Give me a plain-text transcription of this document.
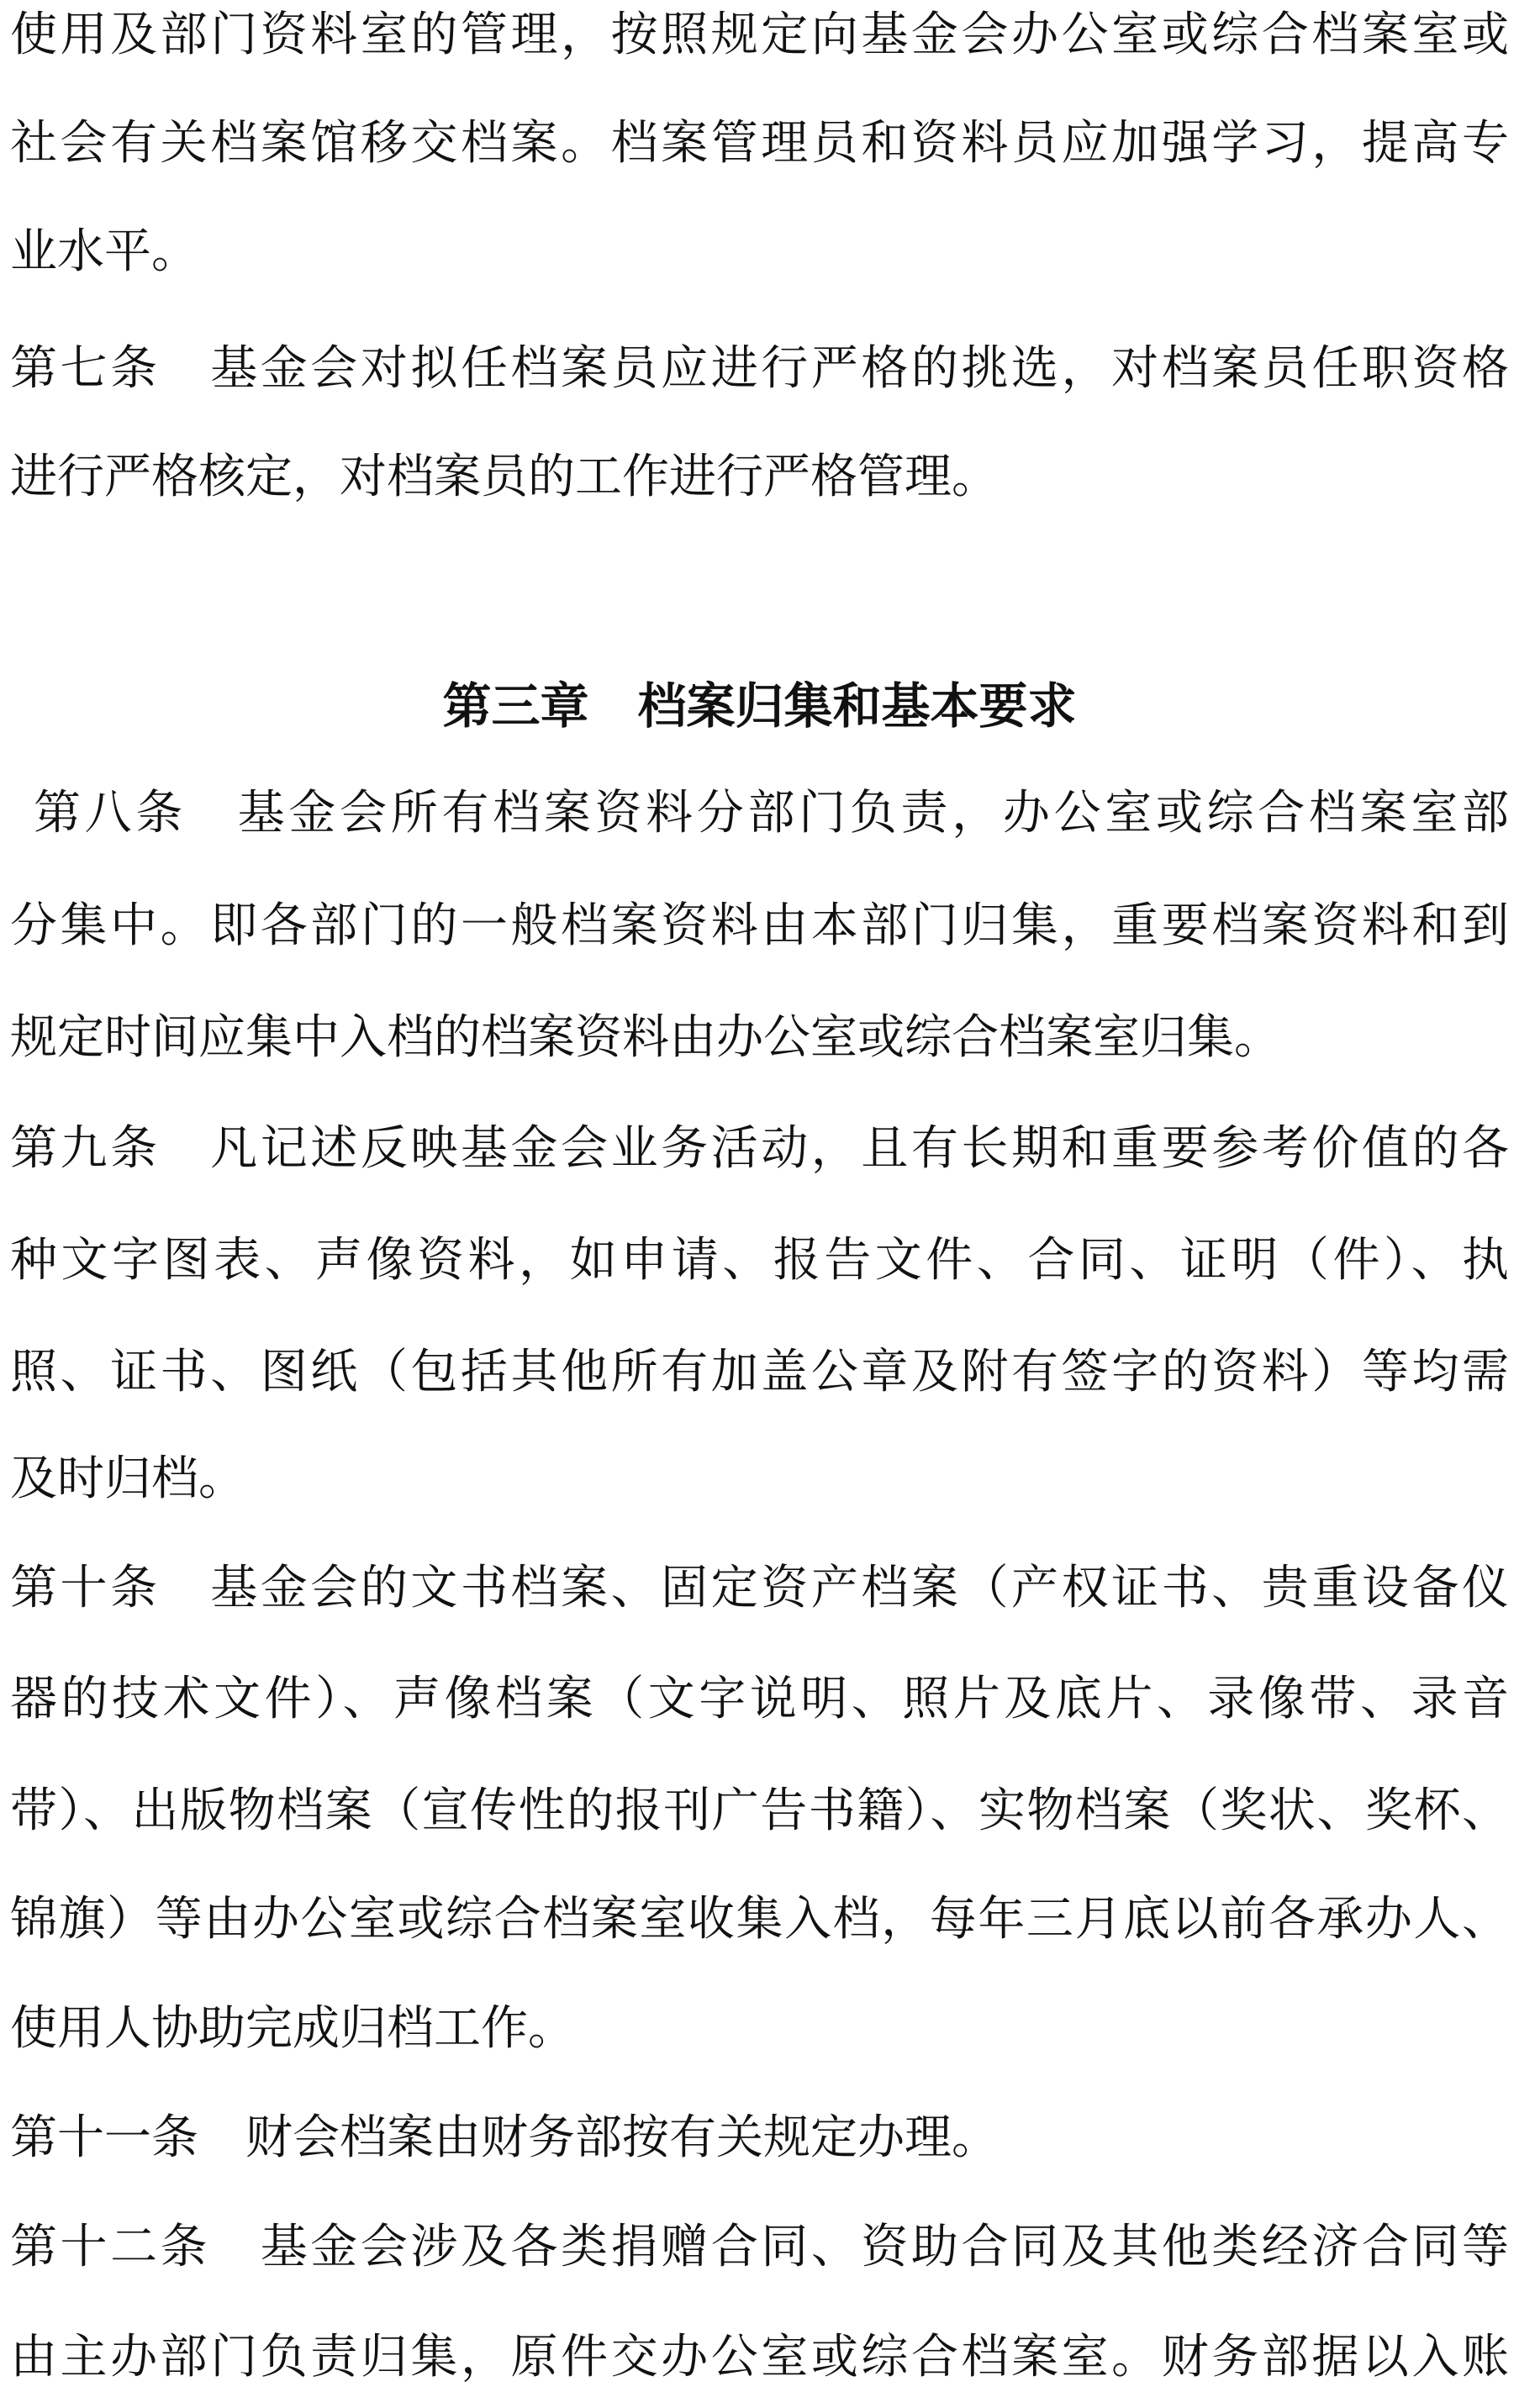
使用及部门资料室的管理，按照规定向基金会办公室或综合档案室或
社会有关档案馆移交档案。档案管理员和资料员应加强学习，提高专
业水平。
第七条　基金会对拟任档案员应进行严格的挑选，对档案员任职资格
进行严格核定，对档案员的工作进行严格管理。
第三章　档案归集和基本要求
第八条　基金会所有档案资料分部门负责，办公室或综合档案室部
分集中。即各部门的一般档案资料由本部门归集，重要档案资料和到
规定时间应集中入档的档案资料由办公室或综合档案室归集。
第九条　凡记述反映基金会业务活动，且有长期和重要参考价值的各
种文字图表、声像资料，如申请、报告文件、合同、证明（件）、执
照、证书、图纸（包括其他所有加盖公章及附有签字的资料）等均需
及时归档。
第十条　基金会的文书档案、固定资产档案（产权证书、贵重设备仪
器的技术文件）、声像档案（文字说明、照片及底片、录像带、录音
带）、出版物档案（宣传性的报刊广告书籍）、实物档案（奖状、奖杯、
锦旗）等由办公室或综合档案室收集入档，每年三月底以前各承办人、
使用人协助完成归档工作。
第十一条　财会档案由财务部按有关规定办理。
第十二条　基金会涉及各类捐赠合同、资助合同及其他类经济合同等
由主办部门负责归集，原件交办公室或综合档案室。财务部据以入账
